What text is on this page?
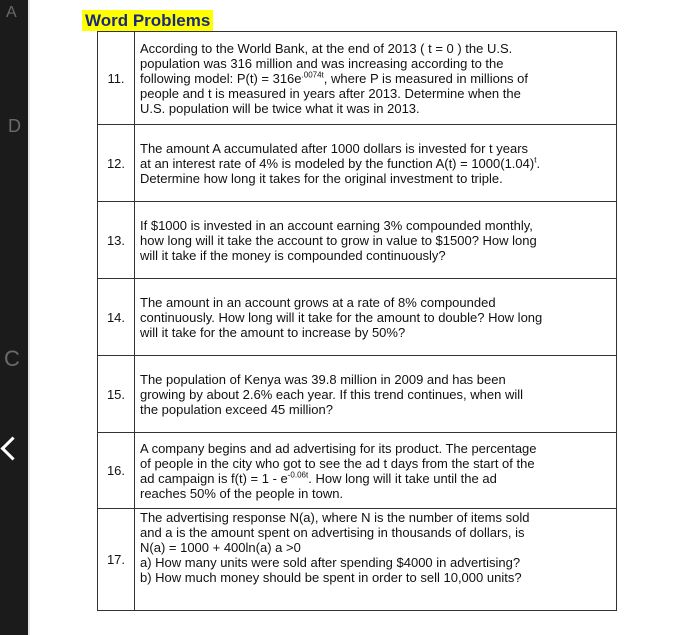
A
D
C
Word Problems
11.	According to the World Bank, at the end of 2013 ( t = 0 ) the U.S.
population was 316 million and was increasing according to the
following model: $P(t) = 316e^{.0074t}$, where P is measured in millions of
people and t is measured in years after 2013. Determine when the
U.S. population will be twice what it was in 2013.

12.	The amount A accumulated after 1000 dollars is invested for t years
at an interest rate of 4% is modeled by the function $A(t) = 1000(1.04)^t$.
Determine how long it takes for the original investment to triple.

13.	If $1000 is invested in an account earning 3% compounded monthly,
how long will it take the account to grow in value to $1500? How long
will it take if the money is compounded continuously?

14.	The amount in an account grows at a rate of 8% compounded
continuously. How long will it take for the amount to double? How long
will it take for the amount to increase by 50%?

15.	The population of Kenya was 39.8 million in 2009 and has been
growing by about 2.6% each year. If this trend continues, when will
the population exceed 45 million?

16.	A company begins and ad advertising for its product. The percentage
of people in the city who got to see the ad t days from the start of the
ad campaign is $f(t) = 1 - e^{-0.06t}$. How long will it take until the ad
reaches 50% of the people in town.

17.	The advertising response N(a), where N is the number of items sold
and a is the amount spent on advertising in thousands of dollars, is
N(a) = 1000 + 400ln(a) a >0
a) How many units were sold after spending $4000 in advertising?
b) How much money should be spent in order to sell 10,000 units?
